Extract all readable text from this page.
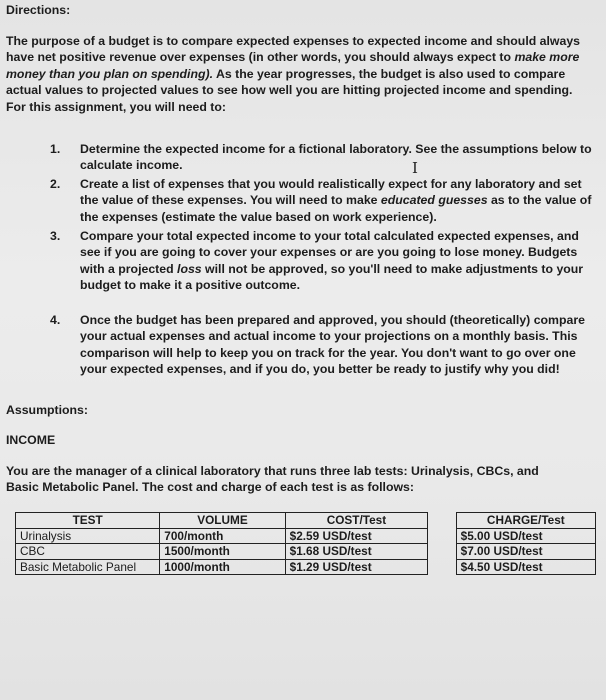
Directions:
The purpose of a budget is to compare expected expenses to expected income and should always have net positive revenue over expenses (in other words, you should always expect to make more money than you plan on spending). As the year progresses, the budget is also used to compare actual values to projected values to see how well you are hitting projected income and spending. For this assignment, you will need to:
1. Determine the expected income for a fictional laboratory. See the assumptions below to calculate income.
2. Create a list of expenses that you would realistically expect for any laboratory and set the value of these expenses. You will need to make educated guesses as to the value of the expenses (estimate the value based on work experience).
3. Compare your total expected income to your total calculated expected expenses, and see if you are going to cover your expenses or are you going to lose money. Budgets with a projected loss will not be approved, so you'll need to make adjustments to your budget to make it a positive outcome.
4. Once the budget has been prepared and approved, you should (theoretically) compare your actual expenses and actual income to your projections on a monthly basis. This comparison will help to keep you on track for the year. You don't want to go over one your expected expenses, and if you do, you better be ready to justify why you did!
I
Assumptions:
INCOME
You are the manager of a clinical laboratory that runs three lab tests: Urinalysis, CBCs, and Basic Metabolic Panel. The cost and charge of each test is as follows:
TEST	VOLUME	COST/Test		CHARGE/Test
Urinalysis	700/month	$2.59 USD/test		$5.00 USD/test
CBC	1500/month	$1.68 USD/test		$7.00 USD/test
Basic Metabolic Panel	1000/month	$1.29 USD/test		$4.50 USD/test
